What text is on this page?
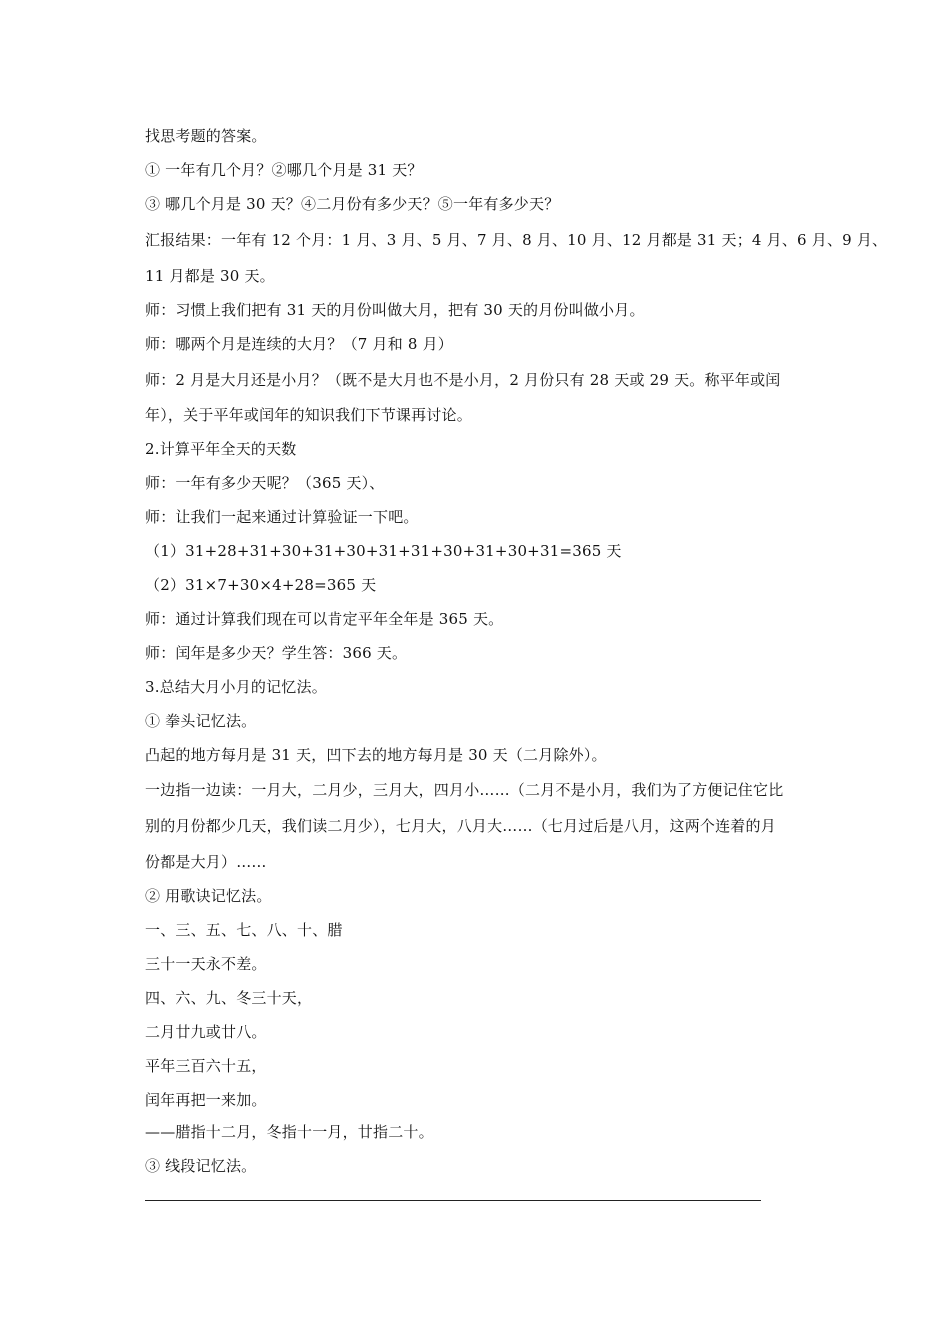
找思考题的答案。
① 一年有几个月？②哪几个月是 31 天？
③ 哪几个月是 30 天？④二月份有多少天？⑤一年有多少天？
汇报结果：一年有 12 个月：1 月、3 月、5 月、7 月、8 月、10 月、12 月都是 31 天；4 月、6 月、9 月、
11 月都是 30 天。
师：习惯上我们把有 31 天的月份叫做大月，把有 30 天的月份叫做小月。
师：哪两个月是连续的大月？（7 月和 8 月）
师：2 月是大月还是小月？（既不是大月也不是小月，2 月份只有 28 天或 29 天。称平年或闰
年），关于平年或闰年的知识我们下节课再讨论。
2.计算平年全天的天数
师：一年有多少天呢？（365 天）、
师：让我们一起来通过计算验证一下吧。
（1）31+28+31+30+31+30+31+31+30+31+30+31=365 天
（2）31×7+30×4+28=365 天
师：通过计算我们现在可以肯定平年全年是 365 天。
师：闰年是多少天？学生答：366 天。
3.总结大月小月的记忆法。
① 拳头记忆法。
凸起的地方每月是 31 天，凹下去的地方每月是 30 天（二月除外）。
一边指一边读：一月大，二月少，三月大，四月小……（二月不是小月，我们为了方便记住它比
别的月份都少几天，我们读二月少），七月大，八月大……（七月过后是八月，这两个连着的月
份都是大月）……
② 用歌诀记忆法。
一、三、五、七、八、十、腊
三十一天永不差。
四、六、九、冬三十天，
二月廿九或廿八。
平年三百六十五，
闰年再把一来加。
——腊指十二月，冬指十一月，廿指二十。
③ 线段记忆法。
